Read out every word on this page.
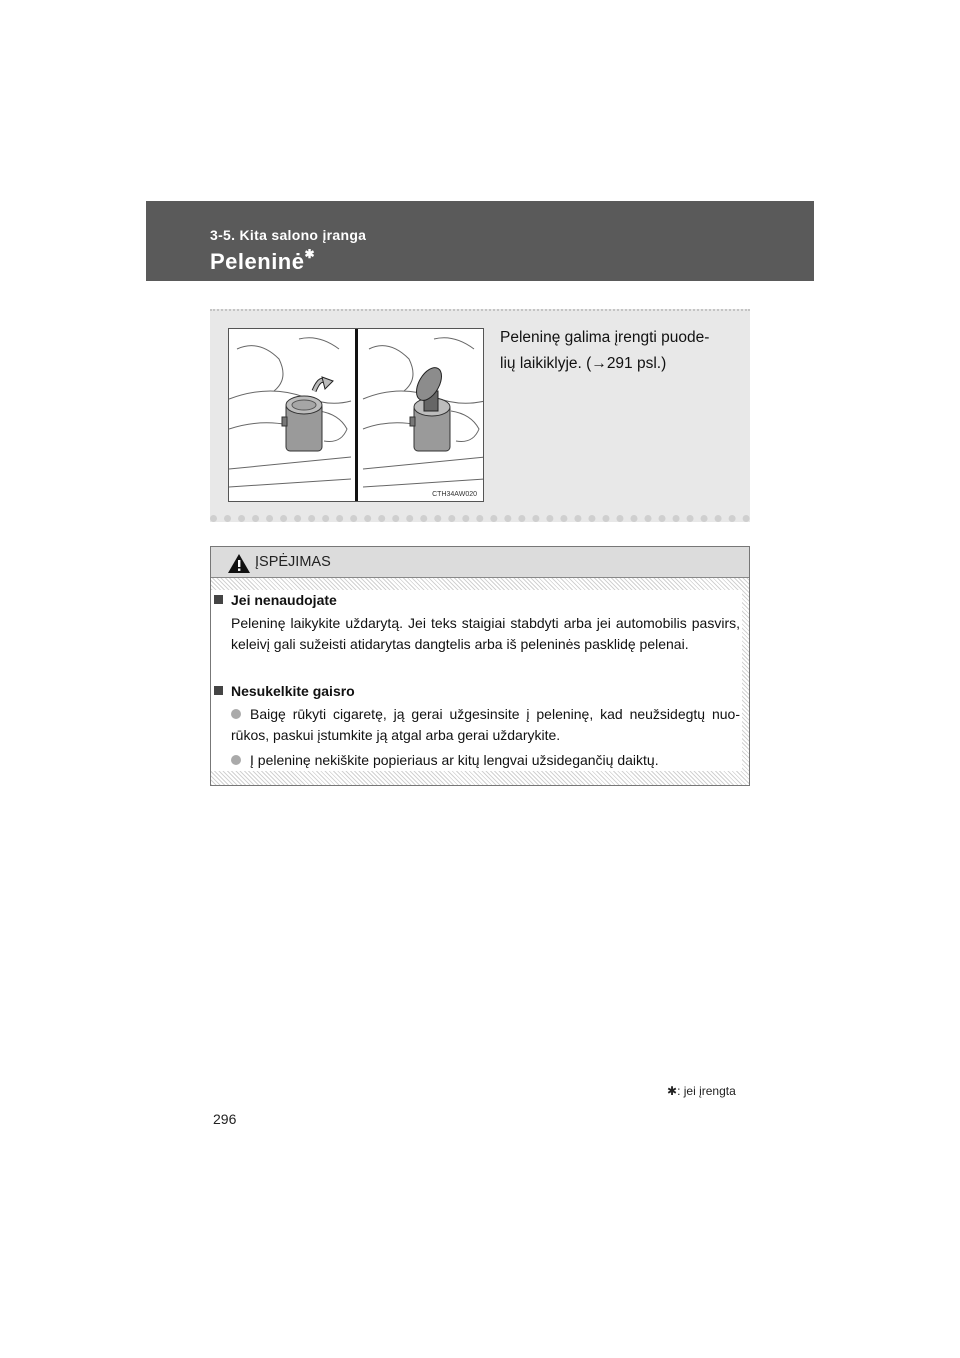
3-5. Kita salono įranga
Peleninė✱
CTH34AW020
Peleninę galima įrengti puode-
lių laikiklyje. (→291 psl.)
ĮSPĖJIMAS
Jei nenaudojate
Peleninę laikykite uždarytą. Jei teks staigiai stabdyti arba jei automobilis pasvirs, keleivį gali sužeisti atidarytas dangtelis arba iš peleninės pasklidę pelenai.
Nesukelkite gaisro
Baigę rūkyti cigaretę, ją gerai užgesinsite į peleninę, kad neužsidegtų nuo-rūkos, paskui įstumkite ją atgal arba gerai uždarykite.
Į peleninę nekiškite popieriaus ar kitų lengvai užsidegančių daiktų.
✱: jei įrengta
296
